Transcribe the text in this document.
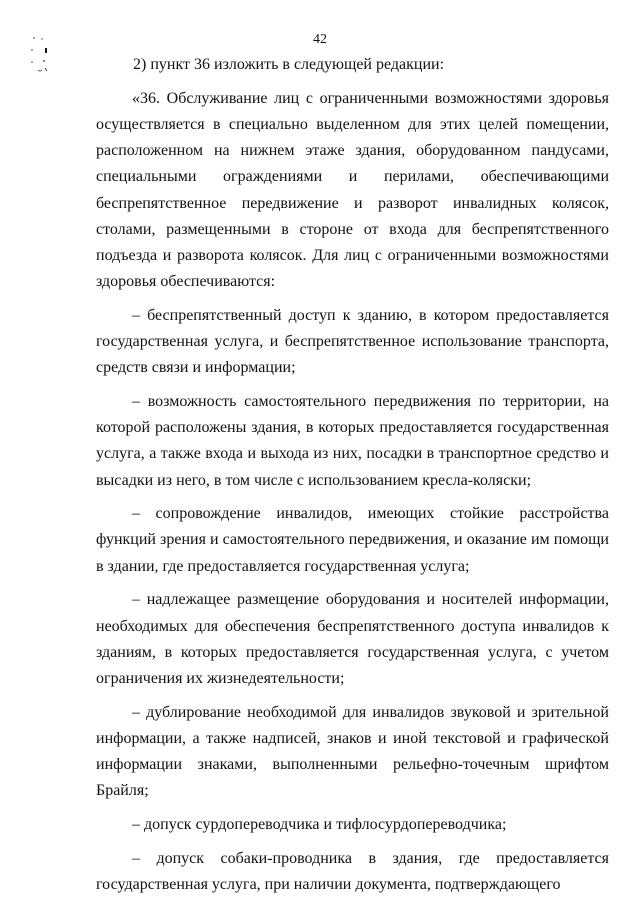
42

2) пункт 36 изложить в следующей редакции:

«36. Обслуживание лиц с ограниченными возможностями здоровья осуществляется в специально выделенном для этих целей помещении, расположенном на нижнем этаже здания, оборудованном пандусами, специальными ограждениями и перилами, обеспечивающими беспрепятственное передвижение и разворот инвалидных колясок, столами, размещенными в стороне от входа для беспрепятственного подъезда и разворота колясок. Для лиц с ограниченными возможностями здоровья обеспечиваются:

– беспрепятственный доступ к зданию, в котором предоставляется государственная услуга, и беспрепятственное использование транспорта, средств связи и информации;

– возможность самостоятельного передвижения по территории, на которой расположены здания, в которых предоставляется государственная услуга, а также входа и выхода из них, посадки в транспортное средство и высадки из него, в том числе с использованием кресла-коляски;

– сопровождение инвалидов, имеющих стойкие расстройства функций зрения и самостоятельного передвижения, и оказание им помощи в здании, где предоставляется государственная услуга;

– надлежащее размещение оборудования и носителей информации, необходимых для обеспечения беспрепятственного доступа инвалидов к зданиям, в которых предоставляется государственная услуга, с учетом ограничения их жизнедеятельности;

– дублирование необходимой для инвалидов звуковой и зрительной информации, а также надписей, знаков и иной текстовой и графической информации знаками, выполненными рельефно-точечным шрифтом Брайля;

– допуск сурдопереводчика и тифлосурдопереводчика;

– допуск собаки-проводника в здания, где предоставляется государственная услуга, при наличии документа, подтверждающего
